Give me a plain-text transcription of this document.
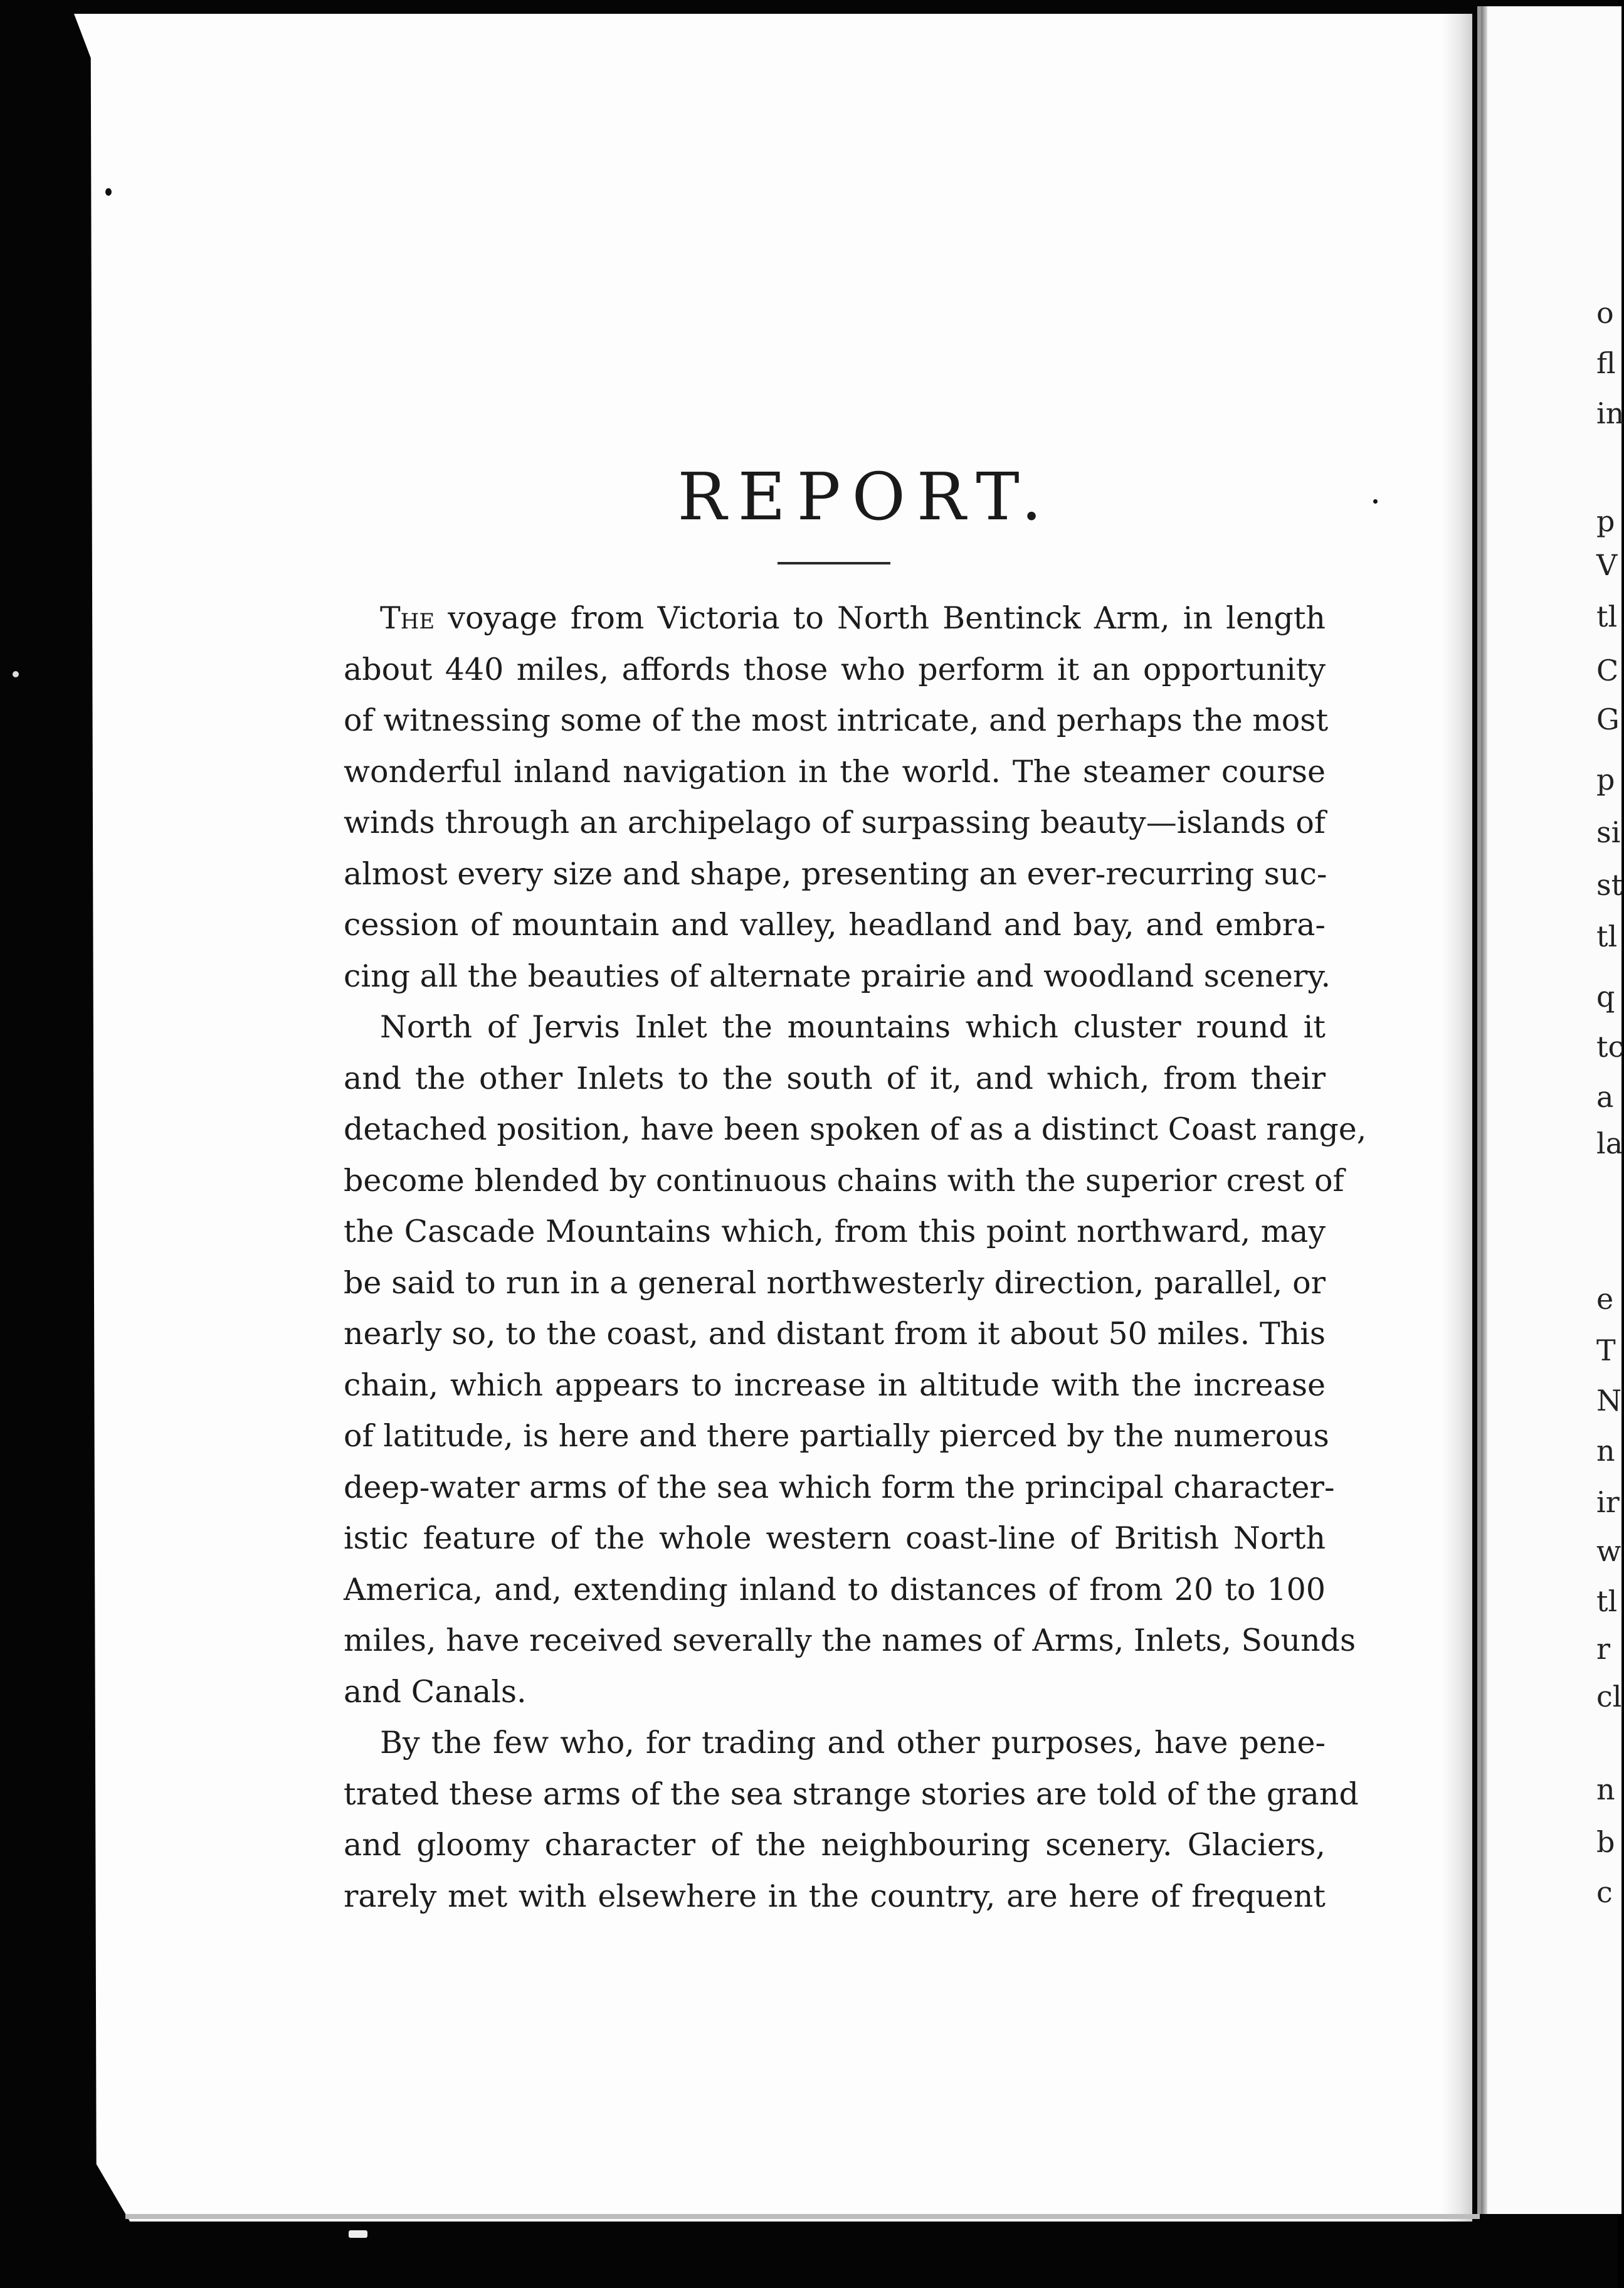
REPORT.
The voyage from Victoria to North Bentinck Arm, in length
about 440 miles, affords those who perform it an opportunity
of witnessing some of the most intricate, and perhaps the most
wonderful inland navigation in the world. The steamer course
winds through an archipelago of surpassing beauty—islands of
almost every size and shape, presenting an ever-recurring suc-
cession of mountain and valley, headland and bay, and embra-
cing all the beauties of alternate prairie and woodland scenery.
North of Jervis Inlet the mountains which cluster round it
and the other Inlets to the south of it, and which, from their
detached position, have been spoken of as a distinct Coast range,
become blended by continuous chains with the superior crest of
the Cascade Mountains which, from this point northward, may
be said to run in a general northwesterly direction, parallel, or
nearly so, to the coast, and distant from it about 50 miles. This
chain, which appears to increase in altitude with the increase
of latitude, is here and there partially pierced by the numerous
deep-water arms of the sea which form the principal character-
istic feature of the whole western coast-line of British North
America, and, extending inland to distances of from 20 to 100
miles, have received severally the names of Arms, Inlets, Sounds
and Canals.
By the few who, for trading and other purposes, have pene-
trated these arms of the sea strange stories are told of the grand
and gloomy character of the neighbouring scenery. Glaciers,
rarely met with elsewhere in the country, are here of frequent
o
fl
in
p
V
tl
C
G
p
si
st
tl
q
tc
a
la
e
T
N
n
ir
w
tl
r
cl
n
b
c
